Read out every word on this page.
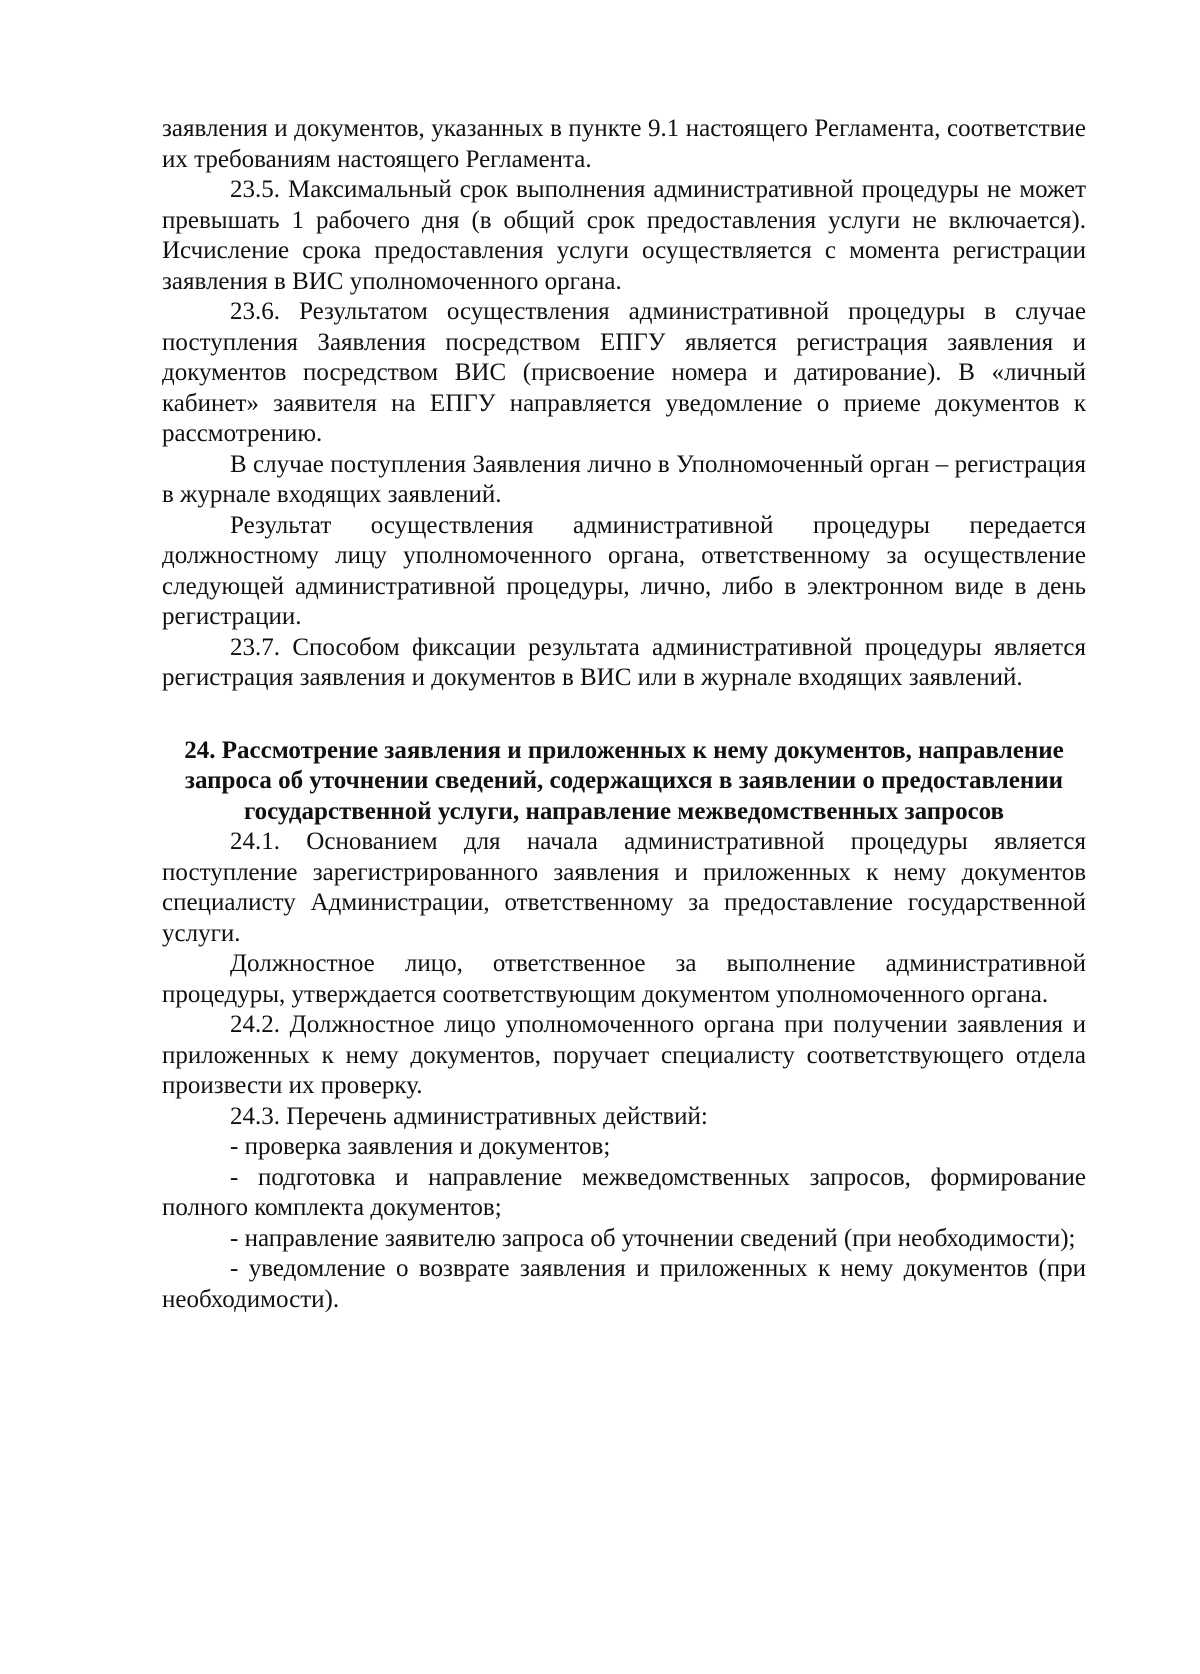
заявления и документов, указанных в пункте 9.1 настоящего Регламента, соответствие их требованиям настоящего Регламента.

23.5. Максимальный срок выполнения административной процедуры не может превышать 1 рабочего дня (в общий срок предоставления услуги не включается). Исчисление срока предоставления услуги осуществляется с момента регистрации заявления в ВИС уполномоченного органа.

23.6. Результатом осуществления административной процедуры в случае поступления Заявления посредством ЕПГУ является регистрация заявления и документов посредством ВИС (присвоение номера и датирование). В «личный кабинет» заявителя на ЕПГУ направляется уведомление о приеме документов к рассмотрению.

В случае поступления Заявления лично в Уполномоченный орган – регистрация в журнале входящих заявлений.

Результат осуществления административной процедуры передается должностному лицу уполномоченного органа, ответственному за осуществление следующей административной процедуры, лично, либо в электронном виде в день регистрации.

23.7. Способом фиксации результата административной процедуры является регистрация заявления и документов в ВИС или в журнале входящих заявлений.

24. Рассмотрение заявления и приложенных к нему документов, направление запроса об уточнении сведений, содержащихся в заявлении о предоставлении государственной услуги, направление межведомственных запросов

24.1. Основанием для начала административной процедуры является поступление зарегистрированного заявления и приложенных к нему документов специалисту Администрации, ответственному за предоставление государственной услуги.

Должностное лицо, ответственное за выполнение административной процедуры, утверждается соответствующим документом уполномоченного органа.

24.2. Должностное лицо уполномоченного органа при получении заявления и приложенных к нему документов, поручает специалисту соответствующего отдела произвести их проверку.

24.3. Перечень административных действий:

- проверка заявления и документов;

- подготовка и направление межведомственных запросов, формирование полного комплекта документов;

- направление заявителю запроса об уточнении сведений (при необходимости);

- уведомление о возврате заявления и приложенных к нему документов (при необходимости).
